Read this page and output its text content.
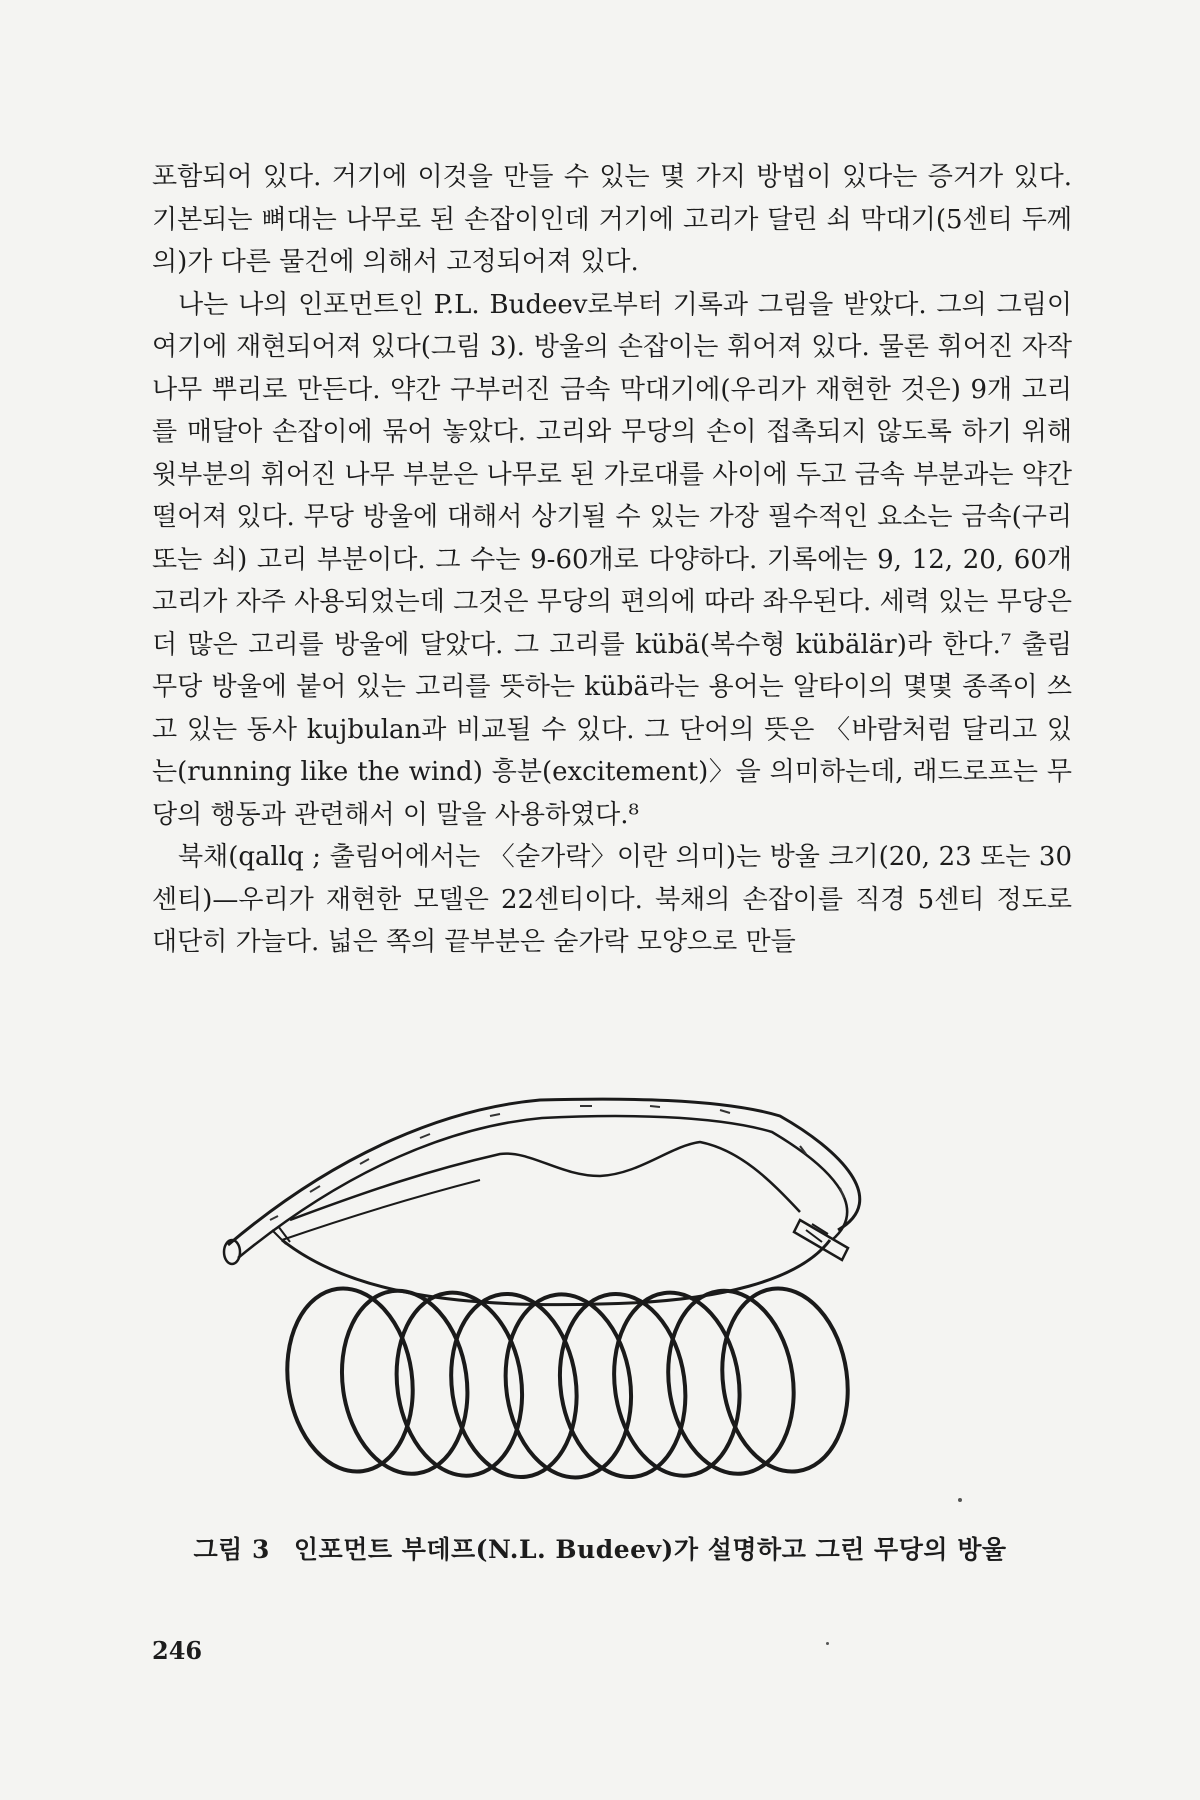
포함되어 있다. 거기에 이것을 만들 수 있는 몇 가지 방법이 있다는 증거가 있다. 기본되는 뼈대는 나무로 된 손잡이인데 거기에 고리가 달린 쇠 막대기(5센티 두께의)가 다른 물건에 의해서 고정되어져 있다.

나는 나의 인포먼트인 P.L. Budeev로부터 기록과 그림을 받았다. 그의 그림이 여기에 재현되어져 있다(그림 3). 방울의 손잡이는 휘어져 있다. 물론 휘어진 자작나무 뿌리로 만든다. 약간 구부러진 금속 막대기에(우리가 재현한 것은) 9개 고리를 매달아 손잡이에 묶어 놓았다. 고리와 무당의 손이 접촉되지 않도록 하기 위해 윗부분의 휘어진 나무 부분은 나무로 된 가로대를 사이에 두고 금속 부분과는 약간 떨어져 있다. 무당 방울에 대해서 상기될 수 있는 가장 필수적인 요소는 금속(구리 또는 쇠) 고리 부분이다. 그 수는 9-60개로 다양하다. 기록에는 9, 12, 20, 60개 고리가 자주 사용되었는데 그것은 무당의 편의에 따라 좌우된다. 세력 있는 무당은 더 많은 고리를 방울에 달았다. 그 고리를 kübä(복수형 kübälär)라 한다.⁷ 출림무당 방울에 붙어 있는 고리를 뜻하는 kübä라는 용어는 알타이의 몇몇 종족이 쓰고 있는 동사 kujbulan과 비교될 수 있다. 그 단어의 뜻은 〈바람처럼 달리고 있는(running like the wind) 흥분(excitement)〉을 의미하는데, 래드로프는 무당의 행동과 관련해서 이 말을 사용하였다.⁸

북채(qallq ; 출림어에서는 〈숟가락〉이란 의미)는 방울 크기(20, 23 또는 30센티)—우리가 재현한 모델은 22센티이다. 북채의 손잡이를 직경 5센티 정도로 대단히 가늘다. 넓은 쪽의 끝부분은 숟가락 모양으로 만들

그림 3 인포먼트 부데프(N.L. Budeev)가 설명하고 그린 무당의 방울
246
